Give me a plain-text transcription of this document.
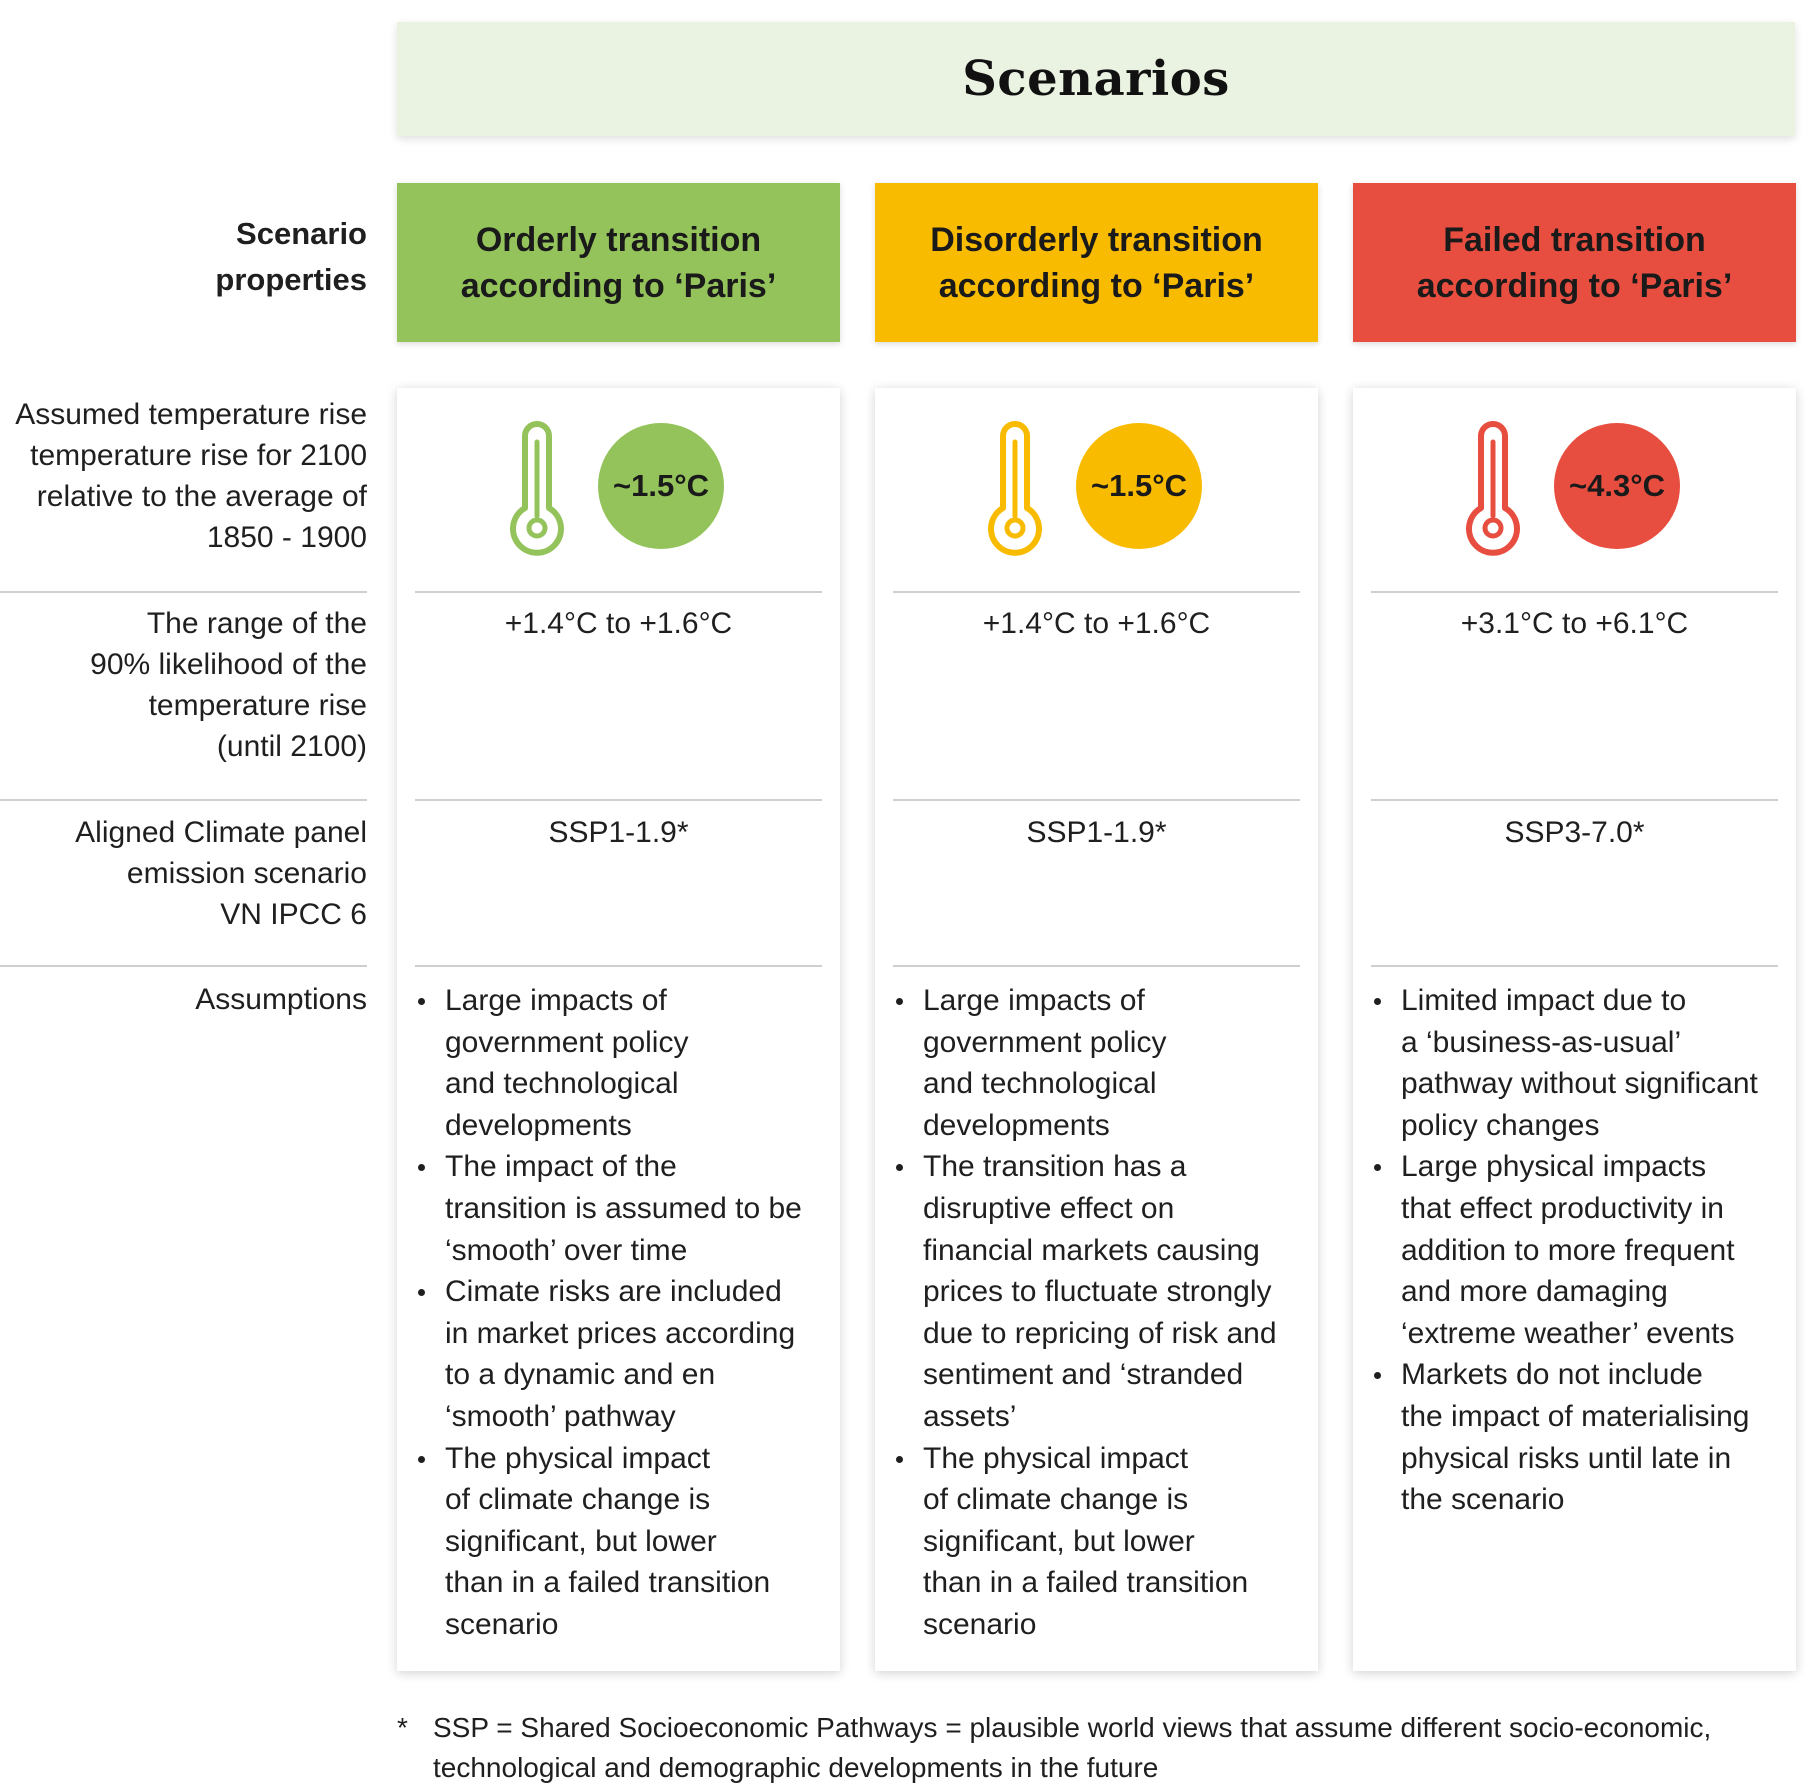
Scenarios
Scenario
properties
Assumed temperature rise
temperature rise for 2100
relative to the average of
1850 - 1900
The range of the
90% likelihood of the
temperature rise
(until 2100)
Aligned Climate panel
emission scenario
VN IPCC 6
Assumptions
Orderly transition
according to ‘Paris’
Disorderly transition
according to ‘Paris’
Failed transition
according to ‘Paris’
~1.5°C
+1.4°C to +1.6°C
SSP1-1.9*
Large impacts of
government policy
and technological
developments
The impact of the
transition is assumed to be
‘smooth’ over time
Cimate risks are included
in market prices according
to a dynamic and en
‘smooth’ pathway
The physical impact
of climate change is
significant, but lower
than in a failed transition
scenario
~1.5°C
+1.4°C to +1.6°C
SSP1-1.9*
Large impacts of
government policy
and technological
developments
The transition has a
disruptive effect on
financial markets causing
prices to fluctuate strongly
due to repricing of risk and
sentiment and ‘stranded
assets’
The physical impact
of climate change is
significant, but lower
than in a failed transition
scenario
~4.3°C
+3.1°C to +6.1°C
SSP3-7.0*
Limited impact due to
a ‘business-as-usual’
pathway without significant
policy changes
Large physical impacts
that effect productivity in
addition to more frequent
and more damaging
‘extreme weather’ events
Markets do not include
the impact of materialising
physical risks until late in
the scenario
* SSP = Shared Socioeconomic Pathways = plausible world views that assume different socio-economic,
technological and demographic developments in the future
